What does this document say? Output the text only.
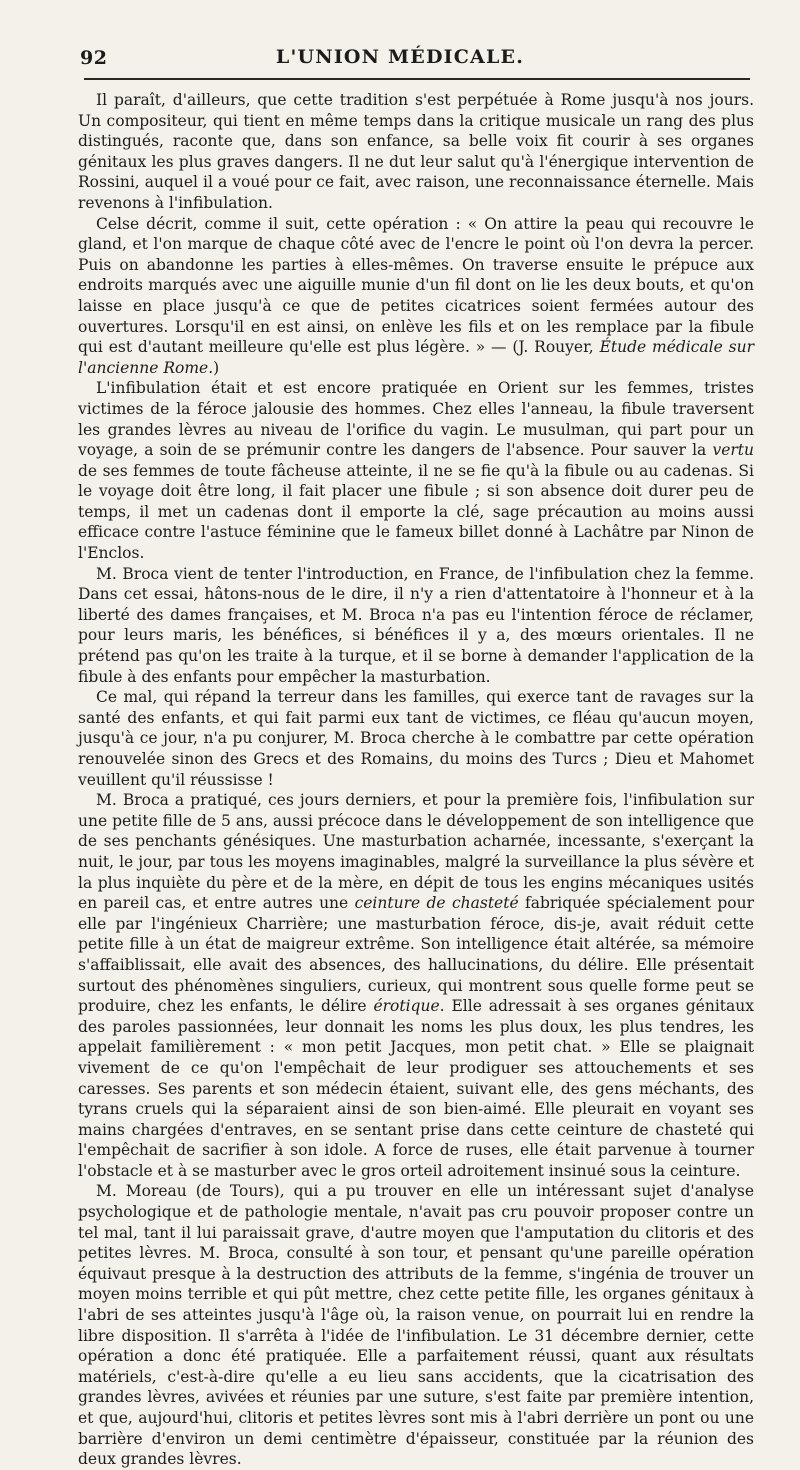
92	L'UNION MÉDICALE.

Il paraît, d'ailleurs, que cette tradition s'est perpétuée à Rome jusqu'à nos jours. Un compositeur, qui tient en même temps dans la critique musicale un rang des plus distingués, raconte que, dans son enfance, sa belle voix fit courir à ses organes génitaux les plus graves dangers. Il ne dut leur salut qu'à l'énergique intervention de Rossini, auquel il a voué pour ce fait, avec raison, une reconnaissance éternelle. Mais revenons à l'infibulation.

Celse décrit, comme il suit, cette opération : « On attire la peau qui recouvre le gland, et l'on marque de chaque côté avec de l'encre le point où l'on devra la percer. Puis on abandonne les parties à elles-mêmes. On traverse ensuite le prépuce aux endroits marqués avec une aiguille munie d'un fil dont on lie les deux bouts, et qu'on laisse en place jusqu'à ce que de petites cicatrices soient fermées autour des ouvertures. Lorsqu'il en est ainsi, on enlève les fils et on les remplace par la fibule qui est d'autant meilleure qu'elle est plus légère. » — (J. Rouyer, Étude médicale sur l'ancienne Rome.)

L'infibulation était et est encore pratiquée en Orient sur les femmes, tristes victimes de la féroce jalousie des hommes. Chez elles l'anneau, la fibule traversent les grandes lèvres au niveau de l'orifice du vagin. Le musulman, qui part pour un voyage, a soin de se prémunir contre les dangers de l'absence. Pour sauver la vertu de ses femmes de toute fâcheuse atteinte, il ne se fie qu'à la fibule ou au cadenas. Si le voyage doit être long, il fait placer une fibule ; si son absence doit durer peu de temps, il met un cadenas dont il emporte la clé, sage précaution au moins aussi efficace contre l'astuce féminine que le fameux billet donné à Lachâtre par Ninon de l'Enclos.

M. Broca vient de tenter l'introduction, en France, de l'infibulation chez la femme. Dans cet essai, hâtons-nous de le dire, il n'y a rien d'attentatoire à l'honneur et à la liberté des dames françaises, et M. Broca n'a pas eu l'intention féroce de réclamer, pour leurs maris, les bénéfices, si bénéfices il y a, des mœurs orientales. Il ne prétend pas qu'on les traite à la turque, et il se borne à demander l'application de la fibule à des enfants pour empêcher la masturbation.

Ce mal, qui répand la terreur dans les familles, qui exerce tant de ravages sur la santé des enfants, et qui fait parmi eux tant de victimes, ce fléau qu'aucun moyen, jusqu'à ce jour, n'a pu conjurer, M. Broca cherche à le combattre par cette opération renouvelée sinon des Grecs et des Romains, du moins des Turcs ; Dieu et Mahomet veuillent qu'il réussisse !

M. Broca a pratiqué, ces jours derniers, et pour la première fois, l'infibulation sur une petite fille de 5 ans, aussi précoce dans le développement de son intelligence que de ses penchants génésiques. Une masturbation acharnée, incessante, s'exerçant la nuit, le jour, par tous les moyens imaginables, malgré la surveillance la plus sévère et la plus inquiète du père et de la mère, en dépit de tous les engins mécaniques usités en pareil cas, et entre autres une ceinture de chasteté fabriquée spécialement pour elle par l'ingénieux Charrière; une masturbation féroce, dis-je, avait réduit cette petite fille à un état de maigreur extrême. Son intelligence était altérée, sa mémoire s'affaiblissait, elle avait des absences, des hallucinations, du délire. Elle présentait surtout des phénomènes singuliers, curieux, qui montrent sous quelle forme peut se produire, chez les enfants, le délire érotique. Elle adressait à ses organes génitaux des paroles passionnées, leur donnait les noms les plus doux, les plus tendres, les appelait familièrement : « mon petit Jacques, mon petit chat. » Elle se plaignait vivement de ce qu'on l'empêchait de leur prodiguer ses attouchements et ses caresses. Ses parents et son médecin étaient, suivant elle, des gens méchants, des tyrans cruels qui la séparaient ainsi de son bien-aimé. Elle pleurait en voyant ses mains chargées d'entraves, en se sentant prise dans cette ceinture de chasteté qui l'empêchait de sacrifier à son idole. A force de ruses, elle était parvenue à tourner l'obstacle et à se masturber avec le gros orteil adroitement insinué sous la ceinture.

M. Moreau (de Tours), qui a pu trouver en elle un intéressant sujet d'analyse psychologique et de pathologie mentale, n'avait pas cru pouvoir proposer contre un tel mal, tant il lui paraissait grave, d'autre moyen que l'amputation du clitoris et des petites lèvres. M. Broca, consulté à son tour, et pensant qu'une pareille opération équivaut presque à la destruction des attributs de la femme, s'ingénia de trouver un moyen moins terrible et qui pût mettre, chez cette petite fille, les organes génitaux à l'abri de ses atteintes jusqu'à l'âge où, la raison venue, on pourrait lui en rendre la libre disposition. Il s'arrêta à l'idée de l'infibulation. Le 31 décembre dernier, cette opération a donc été pratiquée. Elle a parfaitement réussi, quant aux résultats matériels, c'est-à-dire qu'elle a eu lieu sans accidents, que la cicatrisation des grandes lèvres, avivées et réunies par une suture, s'est faite par première intention, et que, aujourd'hui, clitoris et petites lèvres sont mis à l'abri derrière un pont ou une barrière d'environ un demi centimètre d'épaisseur, constituée par la réunion des deux grandes lèvres.
